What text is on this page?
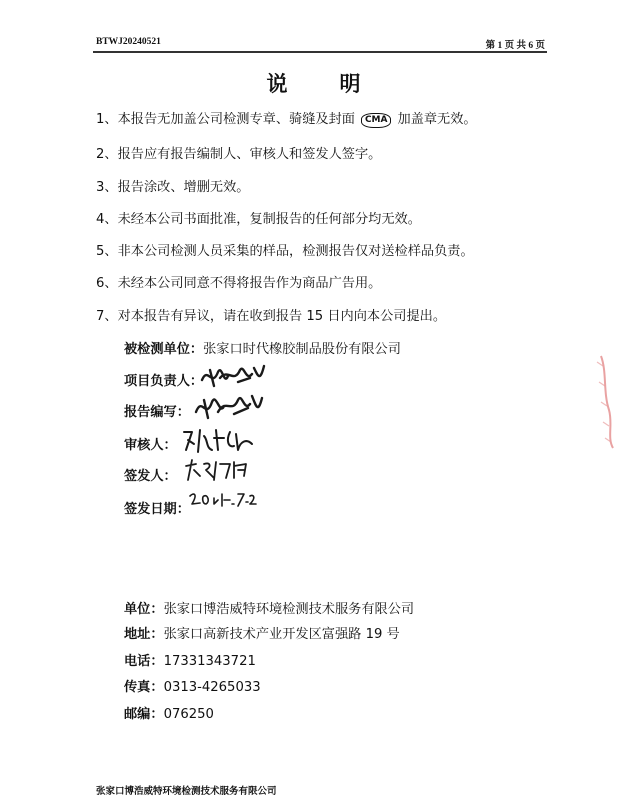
BTWJ20240521	第 1 页 共 6 页
说明
1、本报告无加盖公司检测专章、骑缝及封面 CMA 加盖章无效。
2、报告应有报告编制人、审核人和签发人签字。
3、报告涂改、增删无效。
4、未经本公司书面批准，复制报告的任何部分均无效。
5、非本公司检测人员采集的样品，检测报告仅对送检样品负责。
6、未经本公司同意不得将报告作为商品广告用。
7、对本报告有异议，请在收到报告 15 日内向本公司提出。
被检测单位：张家口时代橡胶制品股份有限公司
项目负责人：
报告编写：
审核人：
签发人：
签发日期：
单位：张家口博浩威特环境检测技术服务有限公司
地址：张家口高新技术产业开发区富强路 19 号
电话：17331343721
传真：0313-4265033
邮编：076250
张家口博浩威特环境检测技术服务有限公司
